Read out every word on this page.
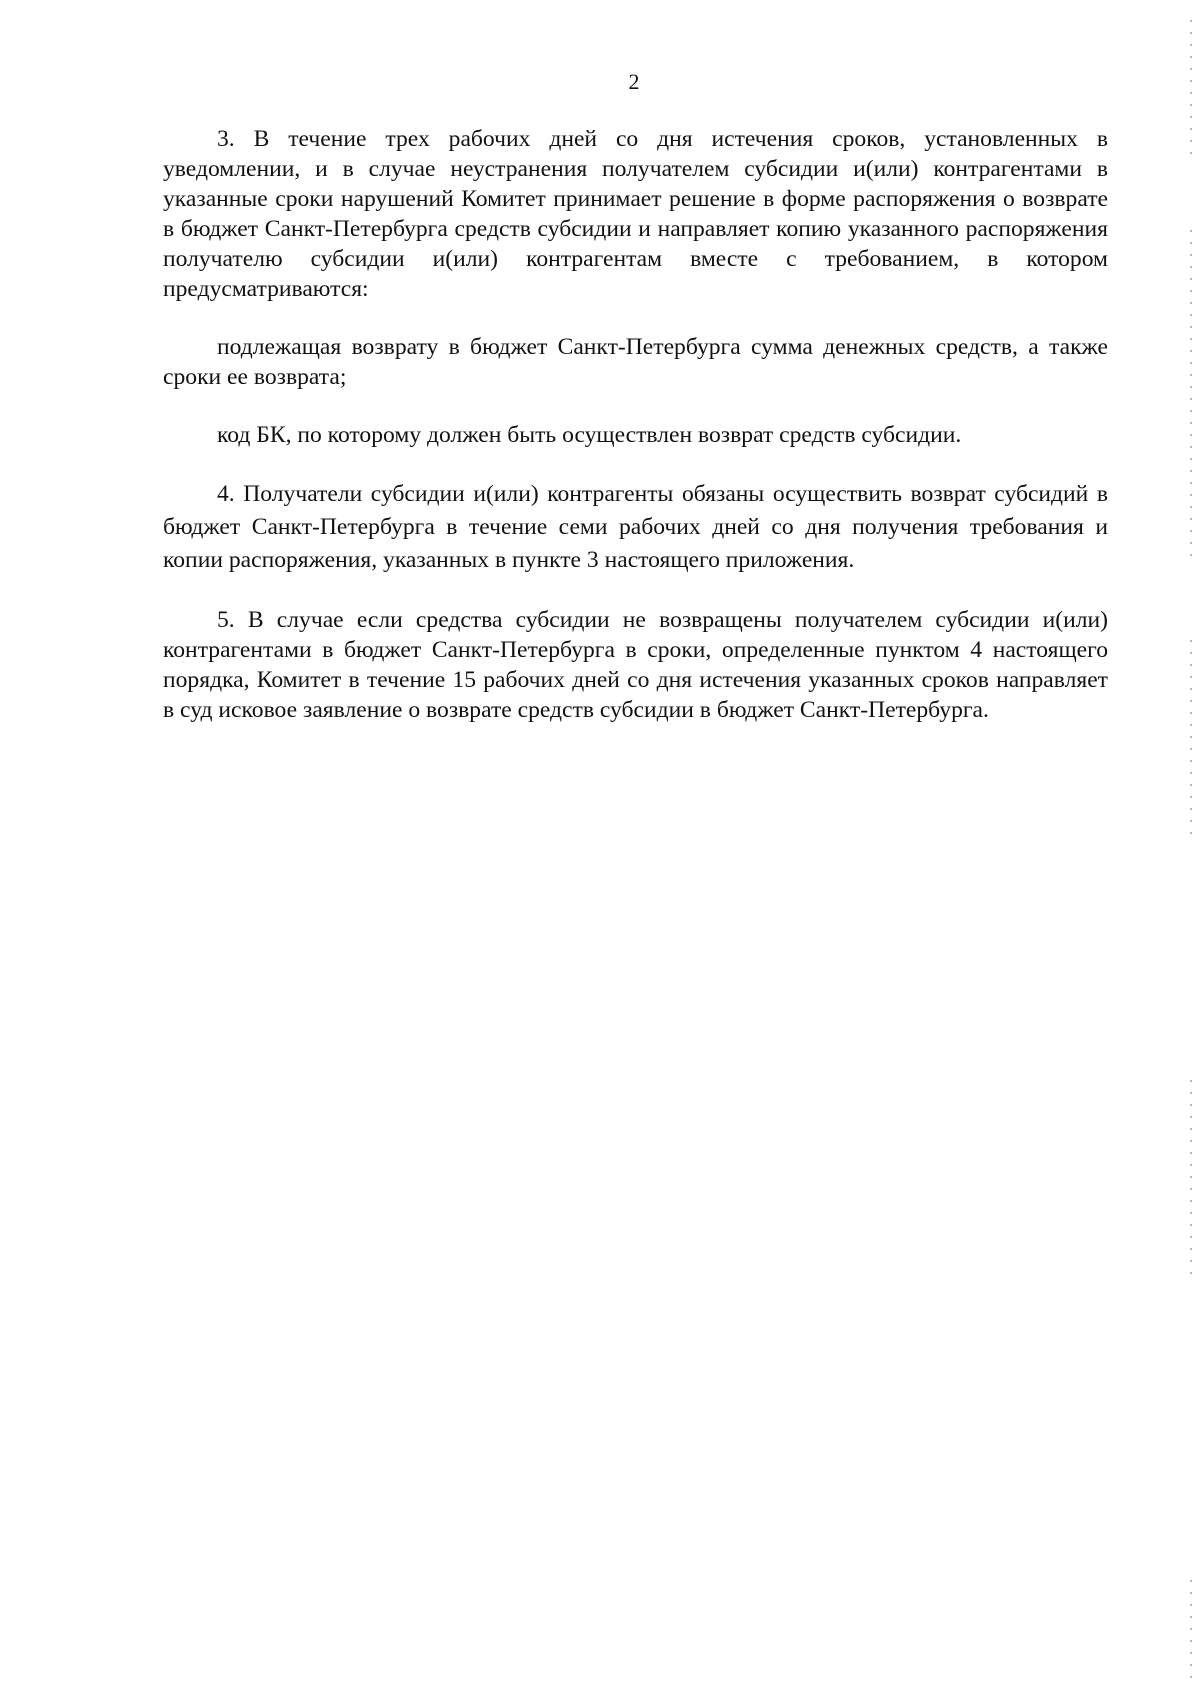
2

3. В течение трех рабочих дней со дня истечения сроков, установленных в уведомлении, и в случае неустранения получателем субсидии и(или) контрагентами в указанные сроки нарушений Комитет принимает решение в форме распоряжения о возврате в бюджет Санкт-Петербурга средств субсидии и направляет копию указанного распоряжения получателю субсидии и(или) контрагентам вместе с требованием, в котором предусматриваются:

подлежащая возврату в бюджет Санкт-Петербурга сумма денежных средств, а также сроки ее возврата;

код БК, по которому должен быть осуществлен возврат средств субсидии.

4. Получатели субсидии и(или) контрагенты обязаны осуществить возврат субсидий в бюджет Санкт-Петербурга в течение семи рабочих дней со дня получения требования и копии распоряжения, указанных в пункте 3 настоящего приложения.

5. В случае если средства субсидии не возвращены получателем субсидии и(или) контрагентами в бюджет Санкт-Петербурга в сроки, определенные пунктом 4 настоящего порядка, Комитет в течение 15 рабочих дней со дня истечения указанных сроков направляет в суд исковое заявление о возврате средств субсидии в бюджет Санкт-Петербурга.
